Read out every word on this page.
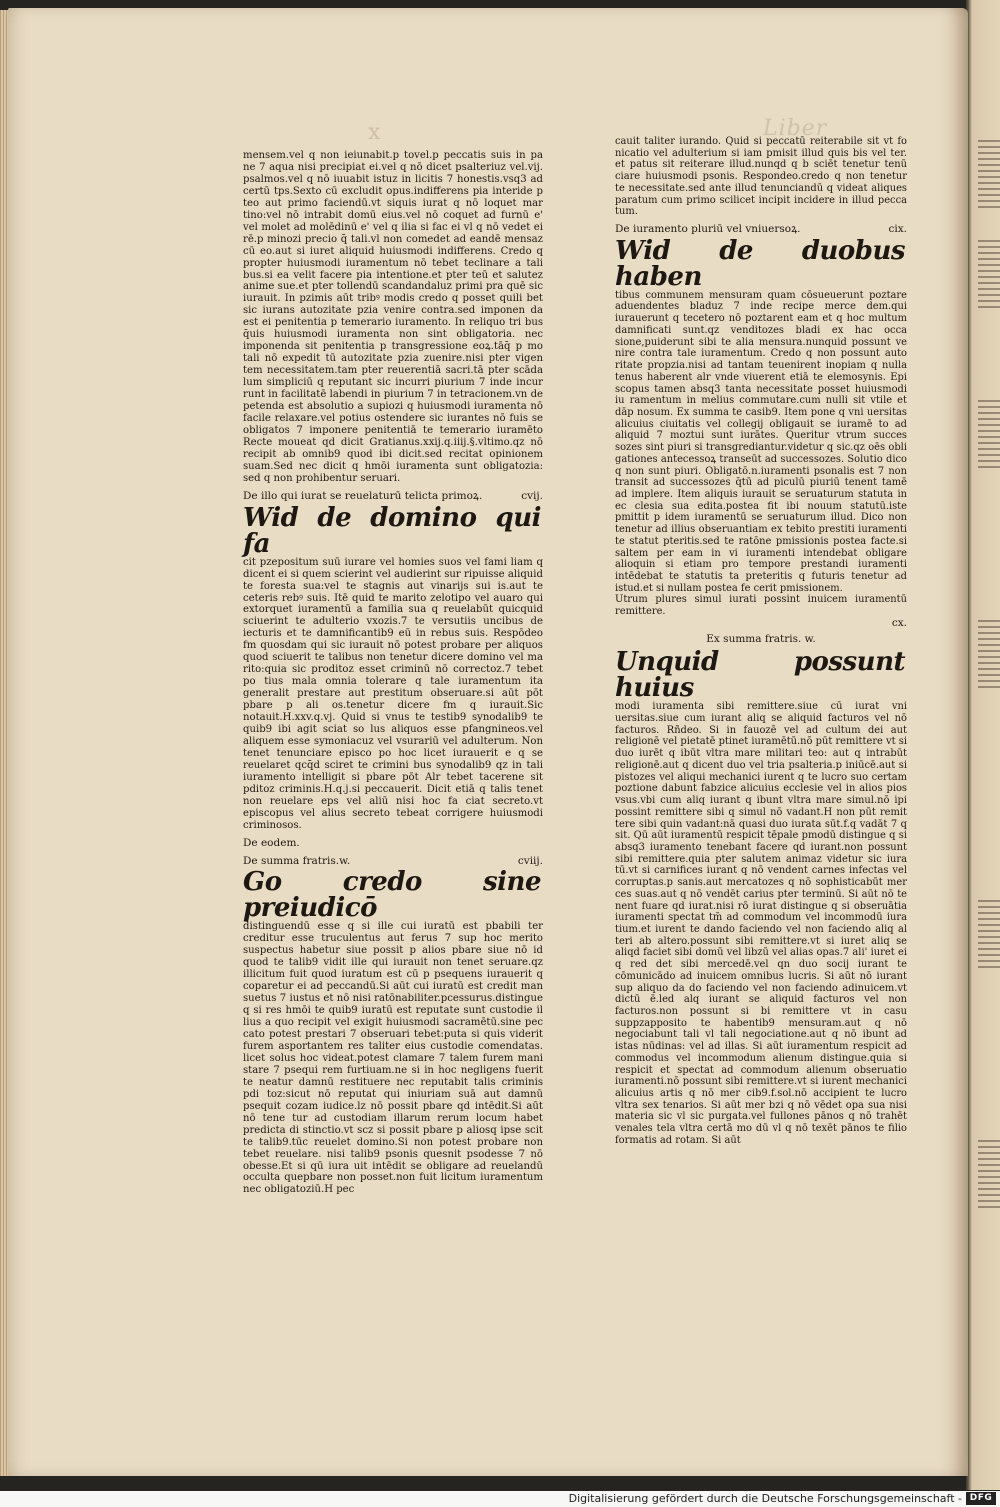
x	Liber

mensem.vel q non ieiunabit.p tovel.p peccatis suis in pa ne 7 aqua nisi precipiat ei.vel q nō dicet psalteriuz vel.vij. psalmos.vel q nō iuuabit istuz in licitis 7 honestis.vsq3 ad certū tps.Sexto cū excludit opus.indifferens pia interide p teo aut primo faciendū.vt siquis iurat q nō loquet mar tino:vel nō intrabit domū eius.vel nō coquet ad furnū e' vel molet ad molēdinū e' vel q ilia si fac ei vl q nō vedet ei rē.p minozi precio q̄ tali.vl non comedet ad eandē mensaz cū eo.aut si iuret aliquid huiusmodi indifferens. Credo q propter huiusmodi iuramentum nō tebet teclinare a tali bus.si ea velit facere pia intentione.et pter teū et salutez anime sue.et pter tollendū scandandaluz primi pra quē sic iurauit. In pzimis aūt tribꝰ modis credo q posset quili bet sic iurans autozitate pzia venire contra.sed imponen da est ei penitentia p temerario iuramento. In reliquo tri bus q̄uis huiusmodi iuramenta non sint obligatoria. nec imponenda sit penitentia p transgressione eoꝝ.tāq̄ p mo tali nō expedit tū autozitate pzia zuenire.nisi pter vigen tem necessitatem.tam pter reuerentiā sacri.tā pter scāda lum simpliciū q reputant sic incurri piurium 7 inde incur runt in facilitatē labendi in piurium 7 in tetracionem.vn de petenda est absolutio a supiozi q huiusmodi iuramenta nō facile relaxare.vel potius ostendere sic iurantes nō fuis se obligatos 7 imponere penitentiā te temerario iuramēto Recte moueat qd dicit Gratianus.xxij.q.iiij.§.vltimo.qz nō recipit ab omnib9 quod ibi dicit.sed recitat opinionem suam.Sed nec dicit q hmōi iuramenta sunt obligatozia: sed q non prohibentur seruari.

De illo qui iurat se reuelaturū telicta primoꝝ.	cvij.

Wid de domino qui fa
cit pzepositum suū iurare vel homies suos vel fami liam q dicent ei si quem scierint vel audierint sur ripuisse aliquid te foresta sua:vel te stagnis aut vinarijs sui is.aut te ceteris rebꝰ suis. Itē quid te marito zelotipo vel auaro qui extorquet iuramentū a familia sua q reuelabūt quicquid sciuerint te adulterio vxozis.7 te versutiis uncibus de iecturis et te damnificantib9 eū in rebus suis. Respōdeo fm quosdam qui sic iurauit nō potest probare per aliquos quod sciuerit te talibus non tenetur dicere domino vel ma rito:quia sic proditoz esset criminū nō correctoz.7 tebet po tius mala omnia tolerare q tale iuramentum ita generalit prestare aut prestitum obseruare.si aūt pōt pbare p ali os.tenetur dicere fm q iurauit.Sic notauit.H.xxv.q.vj. Quid si vnus te testib9 synodalib9 te quib9 ibi agit sciat so lus aliquos esse pfangnineos.vel aliquem esse symoniacuz vel vsurariū vel adulterum. Non tenet tenunciare episco po hoc licet iurauerit e q se reuelaret qcq̄d sciret te crimini bus synodalib9 qz in tali iuramento intelligit si pbare pōt Alr tebet tacerene sit pditoz criminis.H.q.j.si peccauerit. Dicit etiā q talis tenet non reuelare eps vel aliū nisi hoc fa ciat secreto.vt episcopus vel alius secreto tebeat corrigere huiusmodi criminosos.

De eodem.
De summa fratris.w.	cviij.

Go credo sine preiudicō
distinguendū esse q si ille cui iuratū est pbabili ter creditur esse truculentus aut ferus 7 sup hoc merito suspectus habetur siue possit p alios pbare siue nō id quod te talib9 vidit ille qui iurauit non tenet seruare.qz illicitum fuit quod iuratum est cū p psequens iurauerit q coparetur ei ad peccandū.Si aūt cui iuratū est credit man suetus 7 iustus et nō nisi ratōnabiliter.pcessurus.distingue q si res hmōi te quib9 iuratū est reputate sunt custodie il lius a quo recipit vel exigit huiusmodi sacramētū.sine pec cato potest prestari 7 obseruari tebet:puta si quis viderit furem asportantem res taliter eius custodie comendatas. licet solus hoc videat.potest clamare 7 talem furem mani stare 7 psequi rem furtiuam.ne si in hoc negligens fuerit te neatur damnū restituere nec reputabit talis criminis pdi toz:sicut nō reputat qui iniuriam suā aut damnū psequit cozam iudice.lz nō possit pbare qd intēdit.Si aūt nō tene tur ad custodiam illarum rerum locum habet predicta di stinctio.vt scz si possit pbare p aliosq ipse scit te talib9.tūc reuelet domino.Si non potest probare non tebet reuelare. nisi talib9 psonis quesnit psodesse 7 nō obesse.Et si qū iura uit intēdit se obligare ad reuelandū occulta quepbare non posset.non fuit licitum iuramentum nec obligatoziū.H pec

cauit taliter iurando. Quid si peccatū reiterabile sit vt fo nicatio vel adulterium si iam pmisit illud quis bis vel ter. et patus sit reiterare illud.nunqd q b sciēt tenetur tenū ciare huiusmodi psonis. Respondeo.credo q non tenetur te necessitate.sed ante illud tenunciandū q videat aliques paratum cum primo scilicet incipit incidere in illud pecca tum.

De iuramento pluriū vel vniuersoꝝ.	cix.

Wid de duobus haben
tibus communem mensuram quam cōsueuerunt poztare aduendentes bladuz 7 inde recipe merce dem.qui iurauerunt q tecetero nō poztarent eam et q hoc multum damnificati sunt.qz venditozes bladi ex hac occa sione,puiderunt sibi te alia mensura.nunquid possunt ve nire contra tale iuramentum. Credo q non possunt auto ritate propzia.nisi ad tantam teuenirent inopiam q nulla tenus haberent alr vnde viuerent etiā te elemosynis. Epi scopus tamen absq3 tanta necessitate posset huiusmodi iu ramentum in melius commutare.cum nulli sit vtile et dāp nosum. Ex summa te casib9. Item pone q vni uersitas alicuius ciuitatis vel collegij obligauit se iuramē to ad aliquid 7 moztui sunt iurātes. Queritur vtrum succes sozes sint piuri si transgrediantur.videtur q sic.qz oēs obli gationes antecessoꝝ transeūt ad successozes. Solutio dico q non sunt piuri. Obligatō.n.iuramenti psonalis est 7 non transit ad successozes q̄tū ad piculū piuriū tenent tamē ad implere. Item aliquis iurauit se seruaturum statuta in ec clesia sua edita.postea fit ibi nouum statutū.iste pmittit p idem iuramentū se seruaturum illud. Dico non tenetur ad illius obseruantiam ex tebito prestiti iuramenti te statut pteritis.sed te ratōne pmissionis postea facte.si saltem per eam in vi iuramenti intendebat obligare alioquin si etiam pro tempore prestandi iuramenti intēdebat te statutis ta preteritis q futuris tenetur ad istud.et si nullam postea fe cerit pmissionem.

Utrum plures simul iurati possint inuicem iuramentū remittere.

cx.
Ex summa fratris. w.

Unquid possunt huius
modi iuramenta sibi remittere.siue cū iurat vni uersitas.siue cum iurant aliq se aliquid facturos vel nō facturos. Rñdeo. Si in fauozē vel ad cultum dei aut religionē vel pietatē ptinet iuramētū.nō pūt remittere vt si duo iurēt q ibūt vltra mare militari teo: aut q intrabūt religionē.aut q dicent duo vel tria psalteria.p iniūcē.aut si pistozes vel aliqui mechanici iurent q te lucro suo certam poztione dabunt fabzice alicuius ecclesie vel in alios pios vsus.vbi cum aliq iurant q ibunt vltra mare simul.nō ipi possint remittere sibi q simul nō vadant.H non pūt remit tere sibi quin vadant:nā quasi duo iurata sūt.f.q vadāt 7 q sit. Qū aūt iuramentū respicit tēpale pmodū distingue q si absq3 iuramento tenebant facere qd iurant.non possunt sibi remittere.quia pter salutem animaz videtur sic iura tū.vt si carnifices iurant q nō vendent carnes infectas vel corruptas.p sanis.aut mercatozes q nō sophisticabūt mer ces suas.aut q nō vendēt carius pter terminū. Si aūt nō te nent fuare qd iurat.nisi rō iurat distingue q si obseruātia iuramenti spectat tm̄ ad commodum vel incommodū iura tium.et iurent te dando faciendo vel non faciendo aliq al teri ab altero.possunt sibi remittere.vt si iuret aliq se aliqd faciet sibi domū vel libzū vel alias opas.7 ali' iuret ei q red det sibi mercedē.vel qn duo socij iurant te cōmunicādo ad inuicem omnibus lucris. Si aūt nō iurant sup aliquo da do faciendo vel non faciendo adinuicem.vt dictū ē.led alq iurant se aliquid facturos vel non facturos.non possunt si bi remittere vt in casu suppzapposito te habentib9 mensuram.aut q nō negociabunt tali vl tali negociatione.aut q nō ibunt ad istas nūdinas: vel ad illas. Si aūt iuramentum respicit ad commodus vel incommodum alienum distingue.quia si respicit et spectat ad commodum alienum obseruatio iuramenti.nō possunt sibi remittere.vt si iurent mechanici alicuius artis q nō mer cib9.f.sol.nō accipient te lucro vltra sex tenarios. Si aūt mer bzi q nō vēdet opa sua nisi materia sic vl sic purgata.vel fullones pānos q nō trahēt venales tela vltra certā mo dū vl q nō texēt pānos te filio formatis ad rotam. Si aūt

Digitalisierung gefördert durch die Deutsche Forschungsgemeinschaft - DFG
